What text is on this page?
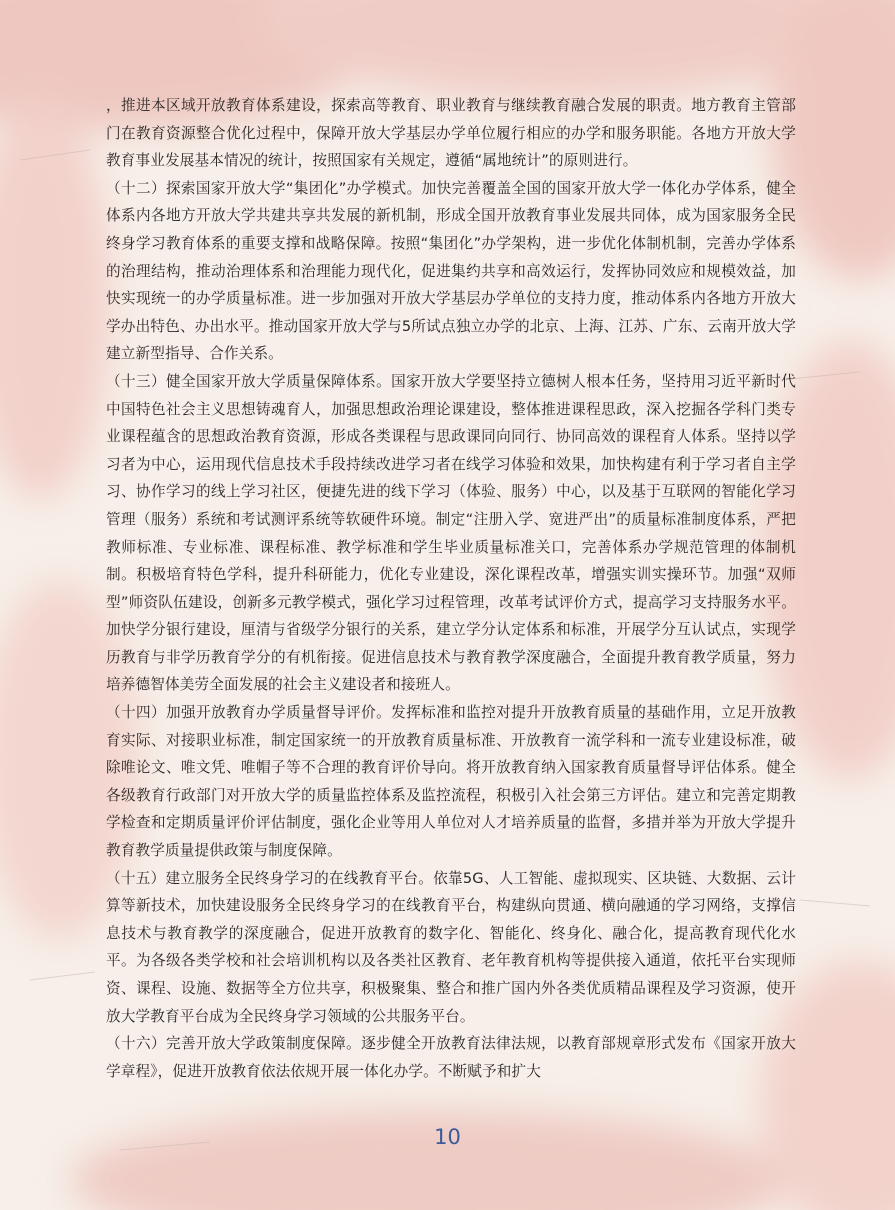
，推进本区域开放教育体系建设，探索高等教育、职业教育与继续教育融合发展的职责。地方教育主管部门在教育资源整合优化过程中，保障开放大学基层办学单位履行相应的办学和服务职能。各地方开放大学教育事业发展基本情况的统计，按照国家有关规定，遵循“属地统计”的原则进行。

（十二）探索国家开放大学“集团化”办学模式。加快完善覆盖全国的国家开放大学一体化办学体系，健全体系内各地方开放大学共建共享共发展的新机制，形成全国开放教育事业发展共同体，成为国家服务全民终身学习教育体系的重要支撑和战略保障。按照“集团化”办学架构，进一步优化体制机制，完善办学体系的治理结构，推动治理体系和治理能力现代化，促进集约共享和高效运行，发挥协同效应和规模效益，加快实现统一的办学质量标准。进一步加强对开放大学基层办学单位的支持力度，推动体系内各地方开放大学办出特色、办出水平。推动国家开放大学与5所试点独立办学的北京、上海、江苏、广东、云南开放大学建立新型指导、合作关系。

（十三）健全国家开放大学质量保障体系。国家开放大学要坚持立德树人根本任务，坚持用习近平新时代中国特色社会主义思想铸魂育人，加强思想政治理论课建设，整体推进课程思政，深入挖掘各学科门类专业课程蕴含的思想政治教育资源，形成各类课程与思政课同向同行、协同高效的课程育人体系。坚持以学习者为中心，运用现代信息技术手段持续改进学习者在线学习体验和效果，加快构建有利于学习者自主学习、协作学习的线上学习社区，便捷先进的线下学习（体验、服务）中心，以及基于互联网的智能化学习管理（服务）系统和考试测评系统等软硬件环境。制定“注册入学、宽进严出”的质量标准制度体系，严把教师标准、专业标准、课程标准、教学标准和学生毕业质量标准关口，完善体系办学规范管理的体制机制。积极培育特色学科，提升科研能力，优化专业建设，深化课程改革，增强实训实操环节。加强“双师型”师资队伍建设，创新多元教学模式，强化学习过程管理，改革考试评价方式，提高学习支持服务水平。加快学分银行建设，厘清与省级学分银行的关系，建立学分认定体系和标准，开展学分互认试点，实现学历教育与非学历教育学分的有机衔接。促进信息技术与教育教学深度融合，全面提升教育教学质量，努力培养德智体美劳全面发展的社会主义建设者和接班人。

（十四）加强开放教育办学质量督导评价。发挥标准和监控对提升开放教育质量的基础作用，立足开放教育实际、对接职业标准，制定国家统一的开放教育质量标准、开放教育一流学科和一流专业建设标准，破除唯论文、唯文凭、唯帽子等不合理的教育评价导向。将开放教育纳入国家教育质量督导评估体系。健全各级教育行政部门对开放大学的质量监控体系及监控流程，积极引入社会第三方评估。建立和完善定期教学检查和定期质量评价评估制度，强化企业等用人单位对人才培养质量的监督，多措并举为开放大学提升教育教学质量提供政策与制度保障。

（十五）建立服务全民终身学习的在线教育平台。依靠5G、人工智能、虚拟现实、区块链、大数据、云计算等新技术，加快建设服务全民终身学习的在线教育平台，构建纵向贯通、横向融通的学习网络，支撑信息技术与教育教学的深度融合，促进开放教育的数字化、智能化、终身化、融合化，提高教育现代化水平。为各级各类学校和社会培训机构以及各类社区教育、老年教育机构等提供接入通道，依托平台实现师资、课程、设施、数据等全方位共享，积极聚集、整合和推广国内外各类优质精品课程及学习资源，使开放大学教育平台成为全民终身学习领域的公共服务平台。

（十六）完善开放大学政策制度保障。逐步健全开放教育法律法规，以教育部规章形式发布《国家开放大学章程》，促进开放教育依法依规开展一体化办学。不断赋予和扩大

10
